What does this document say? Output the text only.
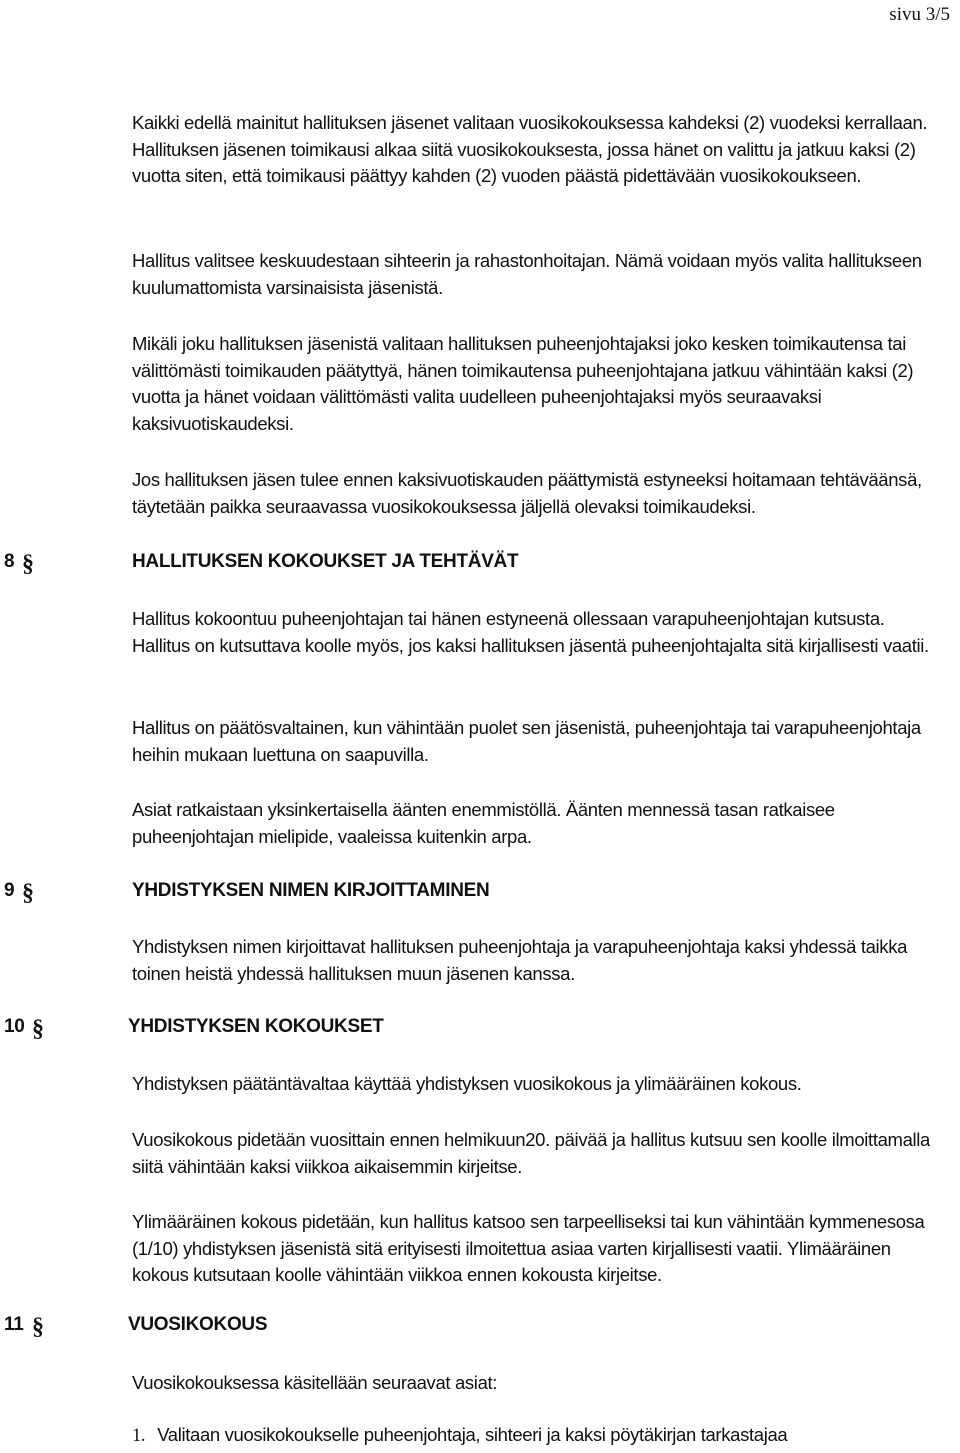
sivu 3/5

Kaikki edellä mainitut hallituksen jäsenet valitaan vuosikokouksessa kahdeksi (2) vuodeksi kerrallaan. Hallituksen jäsenen toimikausi alkaa siitä vuosikokouksesta, jossa hänet on valittu ja jatkuu kaksi (2) vuotta siten, että toimikausi päättyy kahden (2) vuoden päästä pidettävään vuosikokoukseen.

Hallitus valitsee keskuudestaan sihteerin ja rahastonhoitajan. Nämä voidaan myös valita hallitukseen kuulumattomista varsinaisista jäsenistä.

Mikäli joku hallituksen jäsenistä valitaan hallituksen puheenjohtajaksi joko kesken toimikautensa tai välittömästi toimikauden päätyttyä, hänen toimikautensa puheenjohtajana jatkuu vähintään kaksi (2) vuotta ja hänet voidaan välittömästi valita uudelleen puheenjohtajaksi myös seuraavaksi kaksivuotiskaudeksi.

Jos hallituksen jäsen tulee ennen kaksivuotiskauden päättymistä estyneeksi hoitamaan tehtäväänsä, täytetään paikka seuraavassa vuosikokouksessa jäljellä olevaksi toimikaudeksi.

8 §	HALLITUKSEN KOKOUKSET JA TEHTÄVÄT

Hallitus kokoontuu puheenjohtajan tai hänen estyneenä ollessaan varapuheenjohtajan kutsusta. Hallitus on kutsuttava koolle myös, jos kaksi hallituksen jäsentä puheenjohtajalta sitä kirjallisesti vaatii.

Hallitus on päätösvaltainen, kun vähintään puolet sen jäsenistä, puheenjohtaja tai varapuheenjohtaja heihin mukaan luettuna on saapuvilla.

Asiat ratkaistaan yksinkertaisella äänten enemmistöllä. Äänten mennessä tasan ratkaisee puheenjohtajan mielipide, vaaleissa kuitenkin arpa.

9 §	YHDISTYKSEN NIMEN KIRJOITTAMINEN

Yhdistyksen nimen kirjoittavat hallituksen puheenjohtaja ja varapuheenjohtaja kaksi yhdessä taikka toinen heistä yhdessä hallituksen muun jäsenen kanssa.

10 §	YHDISTYKSEN KOKOUKSET

Yhdistyksen päätäntävaltaa käyttää yhdistyksen vuosikokous ja ylimääräinen kokous.

Vuosikokous pidetään vuosittain ennen helmikuun20. päivää ja hallitus kutsuu sen koolle ilmoittamalla siitä vähintään kaksi viikkoa aikaisemmin kirjeitse.

Ylimääräinen kokous pidetään, kun hallitus katsoo sen tarpeelliseksi tai kun vähintään kymmenesosa (1/10) yhdistyksen jäsenistä sitä erityisesti ilmoitettua asiaa varten kirjallisesti vaatii. Ylimääräinen kokous kutsutaan koolle vähintään viikkoa ennen kokousta kirjeitse.

11 §	VUOSIKOKOUS

Vuosikokouksessa käsitellään seuraavat asiat:

1. Valitaan vuosikokoukselle puheenjohtaja, sihteeri ja kaksi pöytäkirjan tarkastajaa
